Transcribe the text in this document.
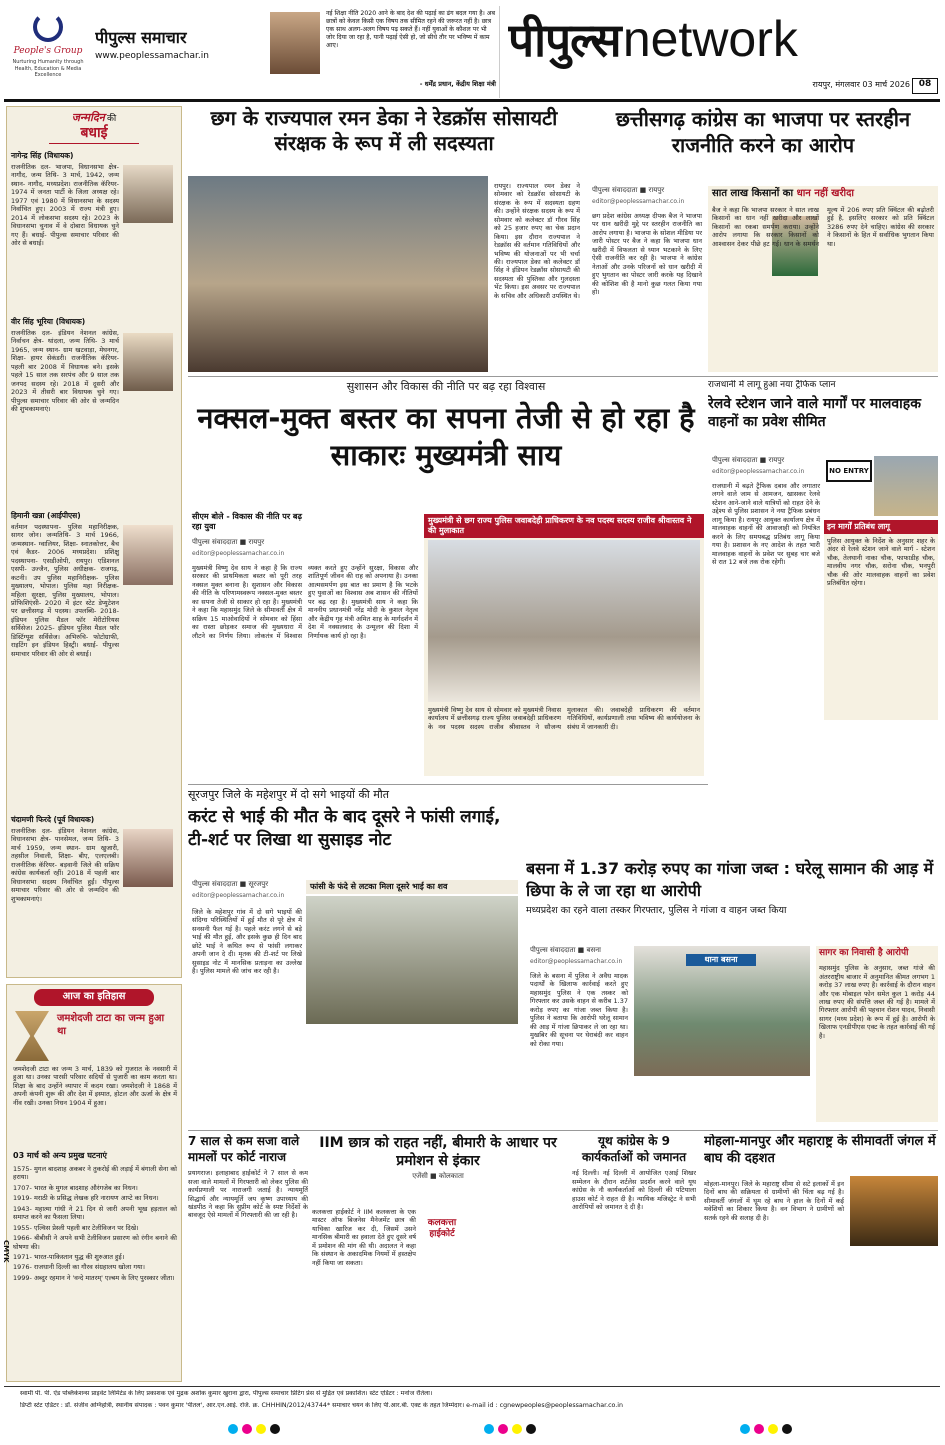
People's Group
Nurturing Humanity through Health, Education & Media Excellence
पीपुल्स समाचार
www.peoplessamachar.in
नई शिक्षा नीति 2020 आने के बाद देश की पढ़ाई का ढंग बदल गया है। अब छात्रों को केवल किसी एक विषय तक सीमित रहने की जरूरत नहीं है। छात्र एक साथ अलग-अलग विषय पढ़ सकते हैं। नहीं युवाओं के कौशल पर भी जोर दिया जा रहा है, यानी पढ़ाई ऐसी हो, जो सीधे तौर पर भविष्य में काम आए।
- धर्मेंद्र प्रधान, केंद्रीय शिक्षा मंत्री
पीपुल्स network
रायपुर, मंगलवार 03 मार्च 2026 08
जन्मदिन की
बधाई
नागेन्द्र सिंह (विधायक)
राजनीतिक दल- भाजपा, विधानसभा क्षेत्र- नागौद, जन्म तिथि- 3 मार्च, 1942, जन्म स्थान- नागौद, मध्यप्रदेश। राजनीतिक कॅरियर- 1974 में जनता पार्टी के जिला अध्यक्ष रहे। 1977 एवं 1980 में विधानसभा के सदस्य निर्वाचित हुए। 2003 में राज्य मंत्री हुए। 2014 में लोकसभा सदस्य रहे। 2023 के विधानसभा चुनाव में वे दोबारा विधायक चुने गए हैं। बधाई- पीपुल्स समाचार परिवार की ओर से बधाई।
वीर सिंह भूरिया (विधायक)
राजनीतिक दल- इंडियन नेशनल कांग्रेस, निर्वाचन क्षेत्र- थांदला, जन्म तिथि- 3 मार्च 1965, जन्म स्थान- ग्राम खटवाड़ा, मेघनगर, शिक्षा- हायर सेकंडरी। राजनीतिक कॅरियर- पहली बार 2008 में विधायक बने। इसके पहले 15 साल तक सरपंच और 9 साल तक जनपद सदस्य रहे। 2018 में दूसरी और 2023 में तीसरी बार विधायक चुने गए। पीपुल्स समाचार परिवार की ओर से जन्मदिन की शुभकामनाएं।
हिमानी खन्ना (आईपीएस)
वर्तमान पदस्थापना- पुलिस महानिरीक्षक, सागर जोन। जन्मतिथि- 3 मार्च 1966, जन्मस्थान- ग्वालियर, शिक्षा- स्नातकोत्तर, बैच एवं कैडर- 2006 मध्यप्रदेश। प्रशिक्षु पदस्थापना- एसडीओपी, रायपुर। एडिशनल एसपी- उज्जैन, पुलिस अधीक्षक- राजगढ़, कटनी। उप पुलिस महानिरीक्षक- पुलिस मुख्यालय, भोपाल। पुलिस महा निरीक्षक- महिला सुरक्षा, पुलिस मुख्यालय, भोपाल। प्रोफिशिएंसी- 2020 में इंटर स्टेट डेप्युटेशन पर छत्तीसगढ़ में पदस्थ। उपलब्धि- 2018- इंडियन पुलिस मैडल फॉर मेरीटोरियस सर्विसेज। 2025- इंडियन पुलिस मैडल फॉर डिस्टिंग्यूश सर्विसेज। अभिरुचि- फोटोग्राफी, राइटिंग इन इंडियन हिस्ट्री। बधाई- पीपुल्स समाचार परिवार की ओर से बधाई।
चंदामणी फिरदे (पूर्व विधायक)
राजनीतिक दल- इंडियन नेशनल कांग्रेस, विधानसभा क्षेत्र- पानसेमल, जन्म तिथि- 3 मार्च 1959, जन्म स्थान- ग्राम खुजारी, तहसील निवाली, शिक्षा- बीए, एलएलबी। राजनीतिक कॅरियर- बड़वानी जिले की सक्रिय कांग्रेस कार्यकर्ता रहीं। 2018 में पहली बार विधानसभा सदस्य निर्वाचित हुईं। पीपुल्स समाचार परिवार की ओर से जन्मदिन की शुभकामनाएं।
आज का इतिहास
जमशेदजी टाटा का जन्म हुआ था
जमशेदजी टाटा का जन्म 3 मार्च, 1839 को गुजरात के नवसारी में हुआ था। उनका पारसी परिवार सदियों से पुजारी का काम करता था। शिक्षा के बाद उन्होंने व्यापार में कदम रखा। जमशेदजी ने 1868 में अपनी कंपनी शुरू की और देश में इस्पात, होटल और ऊर्जा के क्षेत्र में नींव रखी। उनका निधन 1904 में हुआ।
03 मार्च को अन्य प्रमुख घटनाएं
1575- मुगल बादशाह अकबर ने तुकरोई की लड़ाई में बंगाली सेना को हराया।
1707- भारत के मुगल बादशाह औरंगजेब का निधन।
1919- मराठी के प्रसिद्ध लेखक हरि नारायण आप्टे का निधन।
1943- महात्मा गांधी ने 21 दिन से जारी अपनी भूख हड़ताल को समाप्त करने का फैसला लिया।
1955- एल्विस प्रेस्ली पहली बार टेलीविजन पर दिखे।
1966- बीबीसी ने अपने सभी टेलीविजन प्रसारण को रंगीन बनाने की घोषणा की।
1971- भारत-पाकिस्तान युद्ध की शुरुआत हुई।
1976- राजधानी दिल्ली का गौरव संग्रहालय खोला गया।
1999- अब्दुर रहमान ने 'वन्दे मातरम्' एल्बम के लिए पुरस्कार जीता।
छग के राज्यपाल रमन डेका ने रेडक्रॉस सोसायटी संरक्षक के रूप में ली सदस्यता
रायपुर। राज्यपाल रमन डेका ने सोमवार को रेडक्रॉस सोसायटी के संरक्षक के रूप में सदस्यता ग्रहण की। उन्होंने संरक्षक सदस्य के रूप में सोमवार को कलेक्टर डॉ गौरव सिंह को 25 हजार रुपए का चेक प्रदान किया। इस दौरान राज्यपाल ने रेडक्रॉस की वर्तमान गतिविधियों और भविष्य की योजनाओं पर भी चर्चा की। राज्यपाल डेका को कलेक्टर डॉ सिंह ने इंडियन रेडक्रॉस सोसायटी की सदस्यता की पुस्तिका और गुलदस्ता भेंट किया। इस अवसर पर राज्यपाल के सचिव और अधिकारी उपस्थित थे।
छत्तीसगढ़ कांग्रेस का भाजपा पर स्तरहीन राजनीति करने का आरोप
पीपुल्स संवाददाता ■ रायपुर
editor@peoplessamachar.co.in
छग प्रदेश कांग्रेस अध्यक्ष दीपक बैज ने भाजपा पर धान खरीदी मुद्दे पर स्तरहीन राजनीति का आरोप लगाया है। भाजपा के सोशल मीडिया पर जारी पोस्टर पर बैज ने कहा कि भाजपा धान खरीदी में विफलता से ध्यान भटकाने के लिए ऐसी राजनीति कर रही है। भाजपा ने कांग्रेस नेताओं और उनके परिजनों को धान खरीदी में हुए भुगतान का पोस्टर जारी करके यह दिखाने की कोशिश की है मानो कुछ गलत किया गया हो।
सात लाख किसानों का धान नहीं खरीदा
बैज ने कहा कि भाजपा सरकार ने सात लाख किसानों का धान नहीं खरीदा और लाखों किसानों का रकबा समर्पण कराया। उन्होंने आरोप लगाया कि सरकार किसानों को आश्वासन देकर पीछे हट गई। धान के समर्थन मूल्य में 206 रुपए प्रति क्विंटल की बढ़ोतरी हुई है, इसलिए सरकार को प्रति क्विंटल 3286 रुपए देने चाहिए। कांग्रेस की सरकार ने किसानों के हित में सर्वाधिक भुगतान किया था।
सुशासन और विकास की नीति पर बढ़ रहा विश्वास
नक्सल-मुक्त बस्तर का सपना तेजी से हो रहा है साकारः मुख्यमंत्री साय
सीएम बोले - विकास की नीति पर बढ़ रहा युवा
पीपुल्स संवाददाता ■ रायपुर
editor@peoplessamachar.co.in
मुख्यमंत्री विष्णु देव साय ने कहा है कि राज्य सरकार की प्राथमिकता बस्तर को पूरी तरह नक्सल मुक्त बनाना है। सुशासन और विकास की नीति के परिणामस्वरूप नक्सल-मुक्त बस्तर का सपना तेजी से साकार हो रहा है। मुख्यमंत्री ने कहा कि महासमुंद जिले के सीमावर्ती क्षेत्र में सक्रिय 15 माओवादियों ने सोमवार को हिंसा का रास्ता छोड़कर समाज की मुख्यधारा में लौटने का निर्णय लिया। लोकतंत्र में विश्वास व्यक्त करते हुए उन्होंने सुरक्षा, विकास और शांतिपूर्ण जीवन की राह को अपनाया है। उनका आत्मसमर्पण इस बात का प्रमाण है कि भटके हुए युवाओं का विश्वास अब शासन की नीतियों पर बढ़ रहा है। मुख्यमंत्री साय ने कहा कि माननीय प्रधानमंत्री नरेंद्र मोदी के कुशल नेतृत्व और केंद्रीय गृह मंत्री अमित शाह के मार्गदर्शन में देश में नक्सलवाद के उन्मूलन की दिशा में निर्णायक कार्य हो रहा है।
मुख्यमंत्री से छग राज्य पुलिस जवाबदेही प्राधिकरण के नव पदस्थ सदस्य राजीव श्रीवास्तव ने की मुलाकात
मुख्यमंत्री विष्णु देव साय से सोमवार को मुख्यमंत्री निवास कार्यालय में छत्तीसगढ़ राज्य पुलिस जवाबदेही प्राधिकरण के नव पदस्थ सदस्य राजीव श्रीवास्तव ने सौजन्य मुलाकात की। जवाबदेही प्राधिकरण की वर्तमान गतिविधियों, कार्यप्रणाली तथा भविष्य की कार्ययोजना के संबंध में जानकारी दी।
राजधानी में लागू हुआ नया ट्रैफिक प्लान
रेलवे स्टेशन जाने वाले मार्गों पर मालवाहक वाहनों का प्रवेश सीमित
पीपुल्स संवाददाता ■ रायपुर
editor@peoplessamachar.co.in	NO ENTRY
राजधानी में बढ़ते ट्रैफिक दबाव और लगातार लगने वाले जाम से आमजन, खासकर रेलवे स्टेशन आने-जाने वाले यात्रियों को राहत देने के उद्देश्य से पुलिस प्रशासन ने नया ट्रैफिक प्रबंधन लागू किया है। रायपुर आयुक्त कार्यालय क्षेत्र में मालवाहक वाहनों की आवाजाही को नियंत्रित करने के लिए समयबद्ध प्रतिबंध लागू किया गया है। प्रशासन के नए आदेश के तहत भारी मालवाहक वाहनों के प्रवेश पर सुबह चार बजे से रात 12 बजे तक रोक रहेगी।
इन मार्गों प्रतिबंध लागू
पुलिस आयुक्त के निर्देश के अनुसार शहर के अंदर से रेलवे स्टेशन जाने वाले मार्ग - स्टेशन चौक, तेलघानी नाका चौक, फाफाडीह चौक, मालवीय नगर चौक, सरोना चौक, भनपुरी चौक की ओर मालवाहक वाहनों का प्रवेश प्रतिबंधित रहेगा।
सूरजपुर जिले के महेशपुर में दो सगे भाइयों की मौत
करंट से भाई की मौत के बाद दूसरे ने फांसी लगाई, टी-शर्ट पर लिखा था सुसाइड नोट
पीपुल्स संवाददाता ■ सूरजपुर
editor@peoplessamachar.co.in
फांसी के फंदे से लटका मिला दूसरे भाई का शव
जिले के महेशपुर गांव में दो सगे भाइयों की संदिग्ध परिस्थितियों में हुई मौत से पूरे क्षेत्र में सनसनी फैल गई है। पहले करंट लगने से बड़े भाई की मौत हुई, और इसके कुछ ही दिन बाद छोटे भाई ने कथित रूप से फांसी लगाकर अपनी जान दे दी। मृतक की टी-शर्ट पर लिखे सुसाइड नोट में मानसिक प्रताड़ना का उल्लेख है। पुलिस मामले की जांच कर रही है।
बसना में 1.37 करोड़ रुपए का गांजा जब्त : घरेलू सामान की आड़ में छिपा के ले जा रहा था आरोपी
मध्यप्रदेश का रहने वाला तस्कर गिरफ्तार, पुलिस ने गांजा व वाहन जब्त किया
पीपुल्स संवाददाता ■ बसना
editor@peoplessamachar.co.in
जिले के बसना में पुलिस ने अवैध मादक पदार्थों के खिलाफ कार्रवाई करते हुए महासमुंद पुलिस ने एक तस्कर को गिरफ्तार कर उसके वाहन से करीब 1.37 करोड़ रुपए का गांजा जब्त किया है। पुलिस ने बताया कि आरोपी घरेलू सामान की आड़ में गांजा छिपाकर ले जा रहा था। मुखबिर की सूचना पर घेराबंदी कर वाहन को रोका गया।
थाना बसना
सागर का निवासी है आरोपी
महासमुंद पुलिस के अनुसार, जब्त गांजे की अंतरराष्ट्रीय बाजार में अनुमानित कीमत लगभग 1 करोड़ 37 लाख रुपए है। कार्रवाई के दौरान वाहन और एक मोबाइल फोन समेत कुल 1 करोड़ 44 लाख रुपए की संपत्ति जब्त की गई है। मामले में गिरफ्तार आरोपी की पहचान रोशन यादव, निवासी सागर (मध्य प्रदेश) के रूप में हुई है। आरोपी के खिलाफ एनडीपीएस एक्ट के तहत कार्रवाई की गई है।
7 साल से कम सजा वाले मामलों पर कोर्ट नाराज
प्रयागराज। इलाहाबाद हाईकोर्ट ने 7 साल से कम सजा वाले मामलों में गिरफ्तारी को लेकर पुलिस की कार्यप्रणाली पर नाराजगी जताई है। न्यायमूर्ति सिद्धार्थ और न्यायमूर्ति जय कृष्ण उपाध्याय की खंडपीठ ने कहा कि सुप्रीम कोर्ट के स्पष्ट निर्देशों के बावजूद ऐसे मामलों में गिरफ्तारी की जा रही है।
IIM छात्र को राहत नहीं, बीमारी के आधार पर प्रमोशन से इंकार
एजेंसी ■ कोलकाता
कलकत्ता हाईकोर्ट
कलकत्ता हाईकोर्ट ने IIM कलकत्ता के एक मास्टर ऑफ बिजनेस मैनेजमेंट छात्र की याचिका खारिज कर दी, जिसमें उसने मानसिक बीमारी का हवाला देते हुए दूसरे वर्ष में प्रमोशन की मांग की थी। अदालत ने कहा कि संस्थान के अकादमिक नियमों में हस्तक्षेप नहीं किया जा सकता।
यूथ कांग्रेस के 9 कार्यकर्ताओं को जमानत
नई दिल्ली। नई दिल्ली में आयोजित एआई शिखर सम्मेलन के दौरान शर्टलेस प्रदर्शन करने वाले यूथ कांग्रेस के नौ कार्यकर्ताओं को दिल्ली की पटियाला हाउस कोर्ट ने राहत दी है। न्यायिक मजिस्ट्रेट ने सभी आरोपियों को जमानत दे दी है।
मोहला-मानपुर और महाराष्ट्र के सीमावर्ती जंगल में बाघ की दहशत
मोहला-मानपुर। जिले के महाराष्ट्र सीमा से सटे इलाकों में इन दिनों बाघ की सक्रियता से ग्रामीणों की चिंता बढ़ गई है। सीमावर्ती जंगलों में घूम रहे बाघ ने हाल के दिनों में कई मवेशियों का शिकार किया है। वन विभाग ने ग्रामीणों को सतर्क रहने की सलाह दी है।
स्वामी पी. पी. ऐंड पब्लिकेशन्स प्राइवेट लिमिटेड के लिए प्रकाशक एवं मुद्रक अशोक कुमार खुराना द्वारा, पीपुल्स समाचार प्रिंटिंग प्रेस से मुद्रित एवं प्रकाशित। स्टेट एडिटर : मनोज रौतेला।
डिप्टी स्टेट एडिटर : डॉ. संजीव अग्निहोत्री, स्थानीय संपादक : पवन कुमार 'पीतल', आर.एन.आई. रजि. क्र. CHHHIN/2012/43744* समाचार चयन के लिए पी.आर.बी. एक्ट के तहत जिम्मेदार। e-mail id : cgnewpeoples@peoplessamachar.co.in

CMYK
